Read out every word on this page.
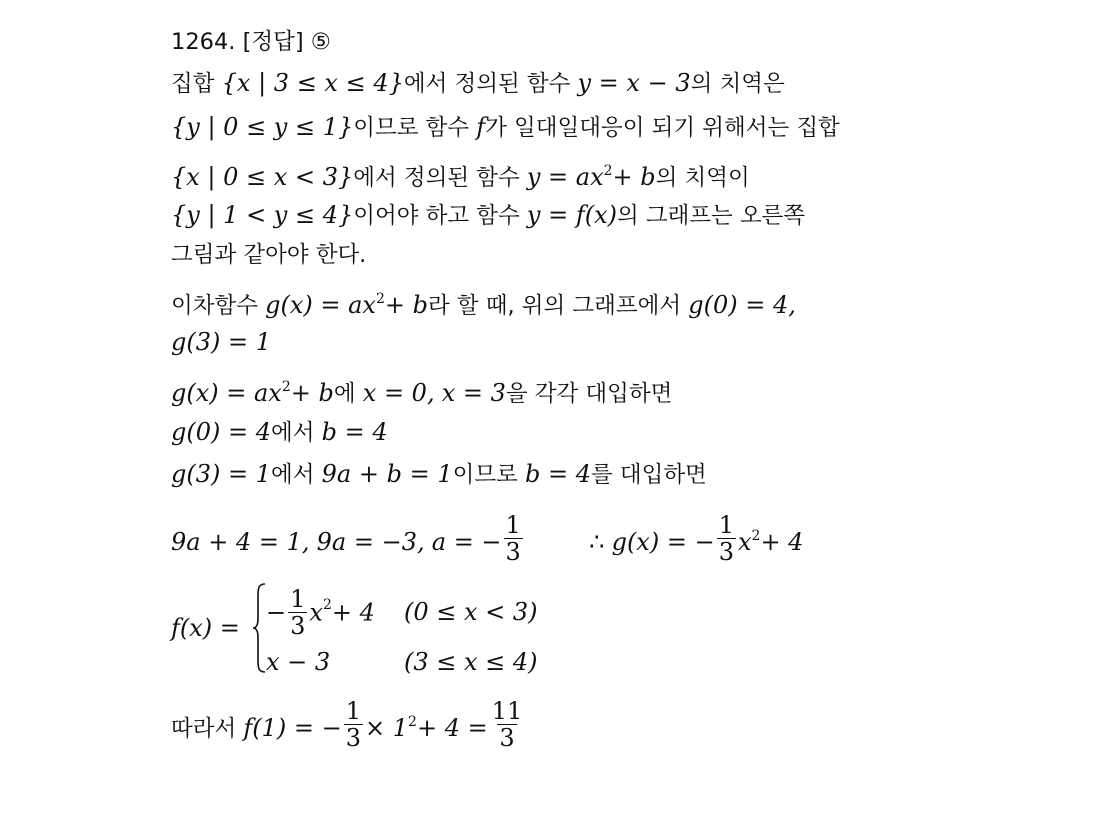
1264. [정답] ⑤
집합 {x | 3 ≤ x ≤ 4}에서 정의된 함수 y = x − 3의 치역은
{y | 0 ≤ y ≤ 1}이므로 함수 f가 일대일대응이 되기 위해서는 집합
{x | 0 ≤ x < 3}에서 정의된 함수 $y = ax^2+ b$의 치역이
{y | 1 < y ≤ 4}이어야 하고 함수 y = f(x)의 그래프는 오른쪽
그림과 같아야 한다.
이차함수 $g(x) = ax^2+ b$라 할 때, 위의 그래프에서 g(0) = 4,
g(3) = 1
$g(x) = ax^2+ b$에 x = 0, x = 3을 각각 대입하면
g(0) = 4에서 b = 4
g(3) = 1에서 9a + b = 1이므로 b = 4를 대입하면
9a + 4 = 1, 9a = −3, a = − $\frac{1}{3}$	∴ g(x) = − $\frac{1}{3} x^2+ 4$
f(x) =
− $\frac{1}{3} x^2+ 4$ (0 ≤ x < 3)
x − 3	(3 ≤ x ≤ 4)
따라서 f(1) = − $\frac{1}{3} \times 1^2+ 4 = \frac{11}{3}$
